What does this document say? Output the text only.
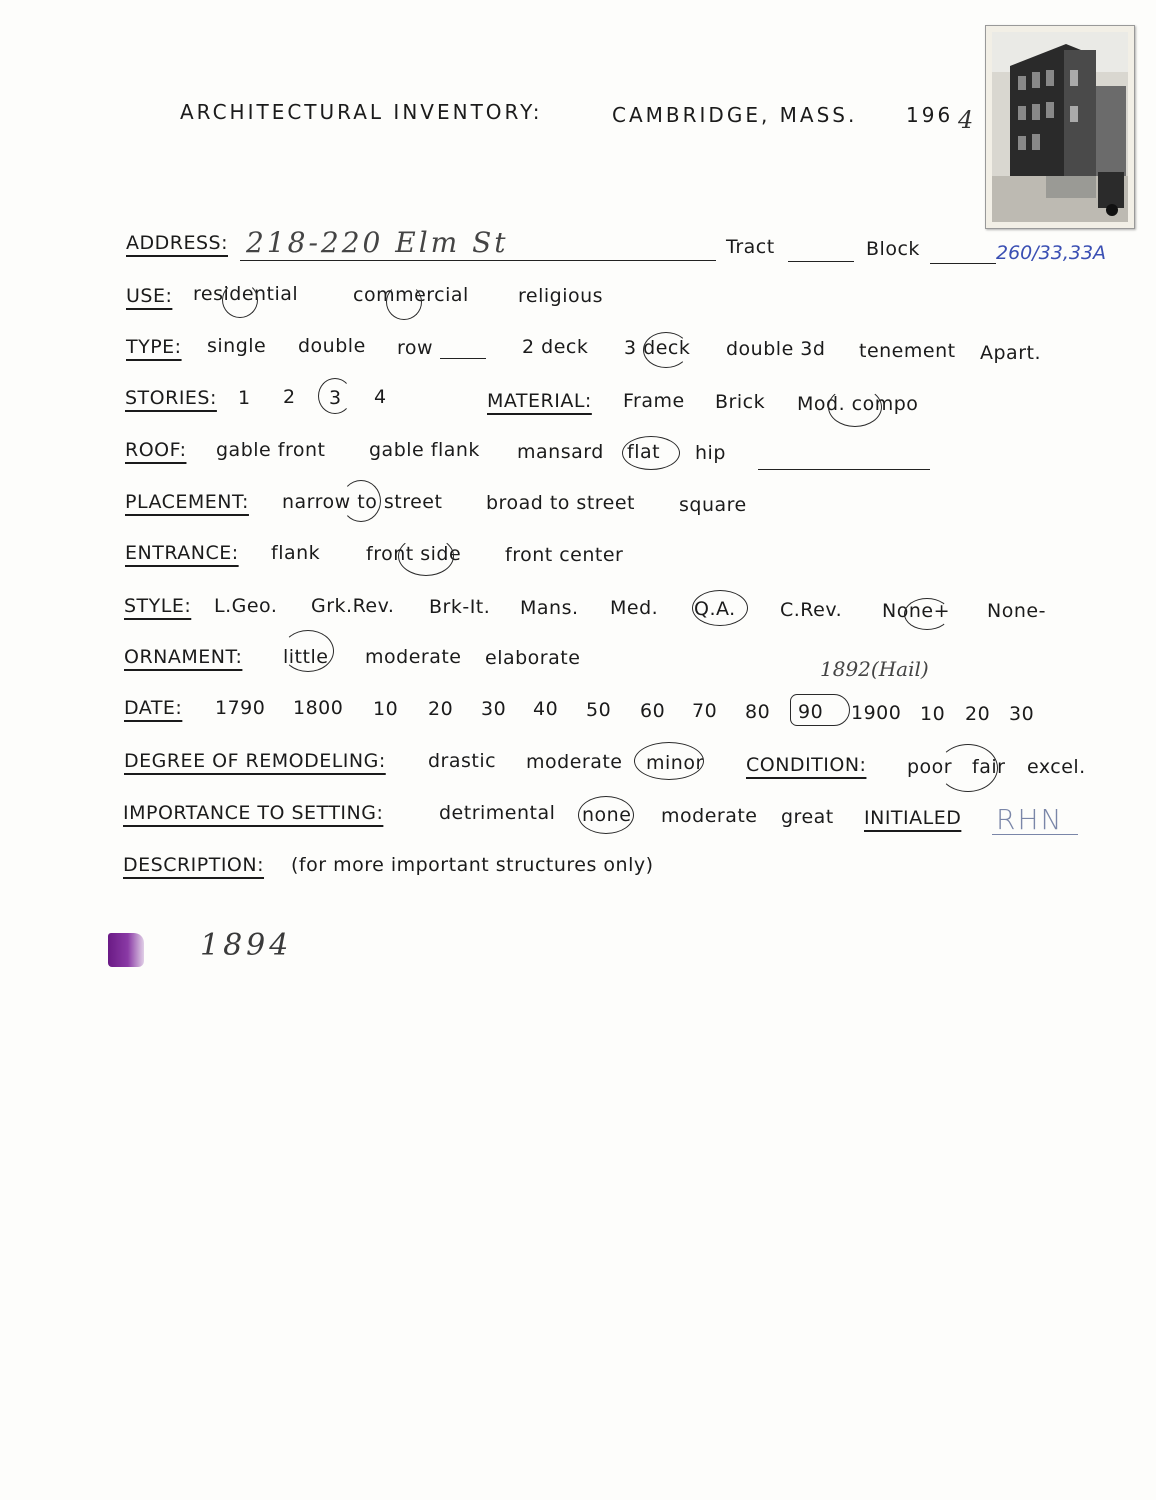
ARCHITECTURAL INVENTORY:	CAMBRIDGE, MASS. 196 4
ADDRESS: 218-220 Elm St	Tract	Block	260/33,33A
USE: residential	commercial	religious
TYPE: single double row	2 deck 3 deck double 3d tenement Apart.
STORIES: 1 2 3 4	MATERIAL: Frame Brick Mod. compo
ROOF: gable front gable flank mansard flat hip
PLACEMENT: narrow to street broad to street square
ENTRANCE: flank front side front center
STYLE: L.Geo. Grk.Rev. Brk-It. Mans. Med. Q.A. C.Rev. None+ None-
ORNAMENT: little moderate elaborate	1892(Hail)
DATE: 1790 1800 10 20 30 40 50 60 70 80 90 1900 10 20 30
DEGREE OF REMODELING: drastic moderate minor CONDITION: poor fair excel.
IMPORTANCE TO SETTING:	detrimental none moderate great INITIALED RHN
DESCRIPTION: (for more important structures only)
1894
